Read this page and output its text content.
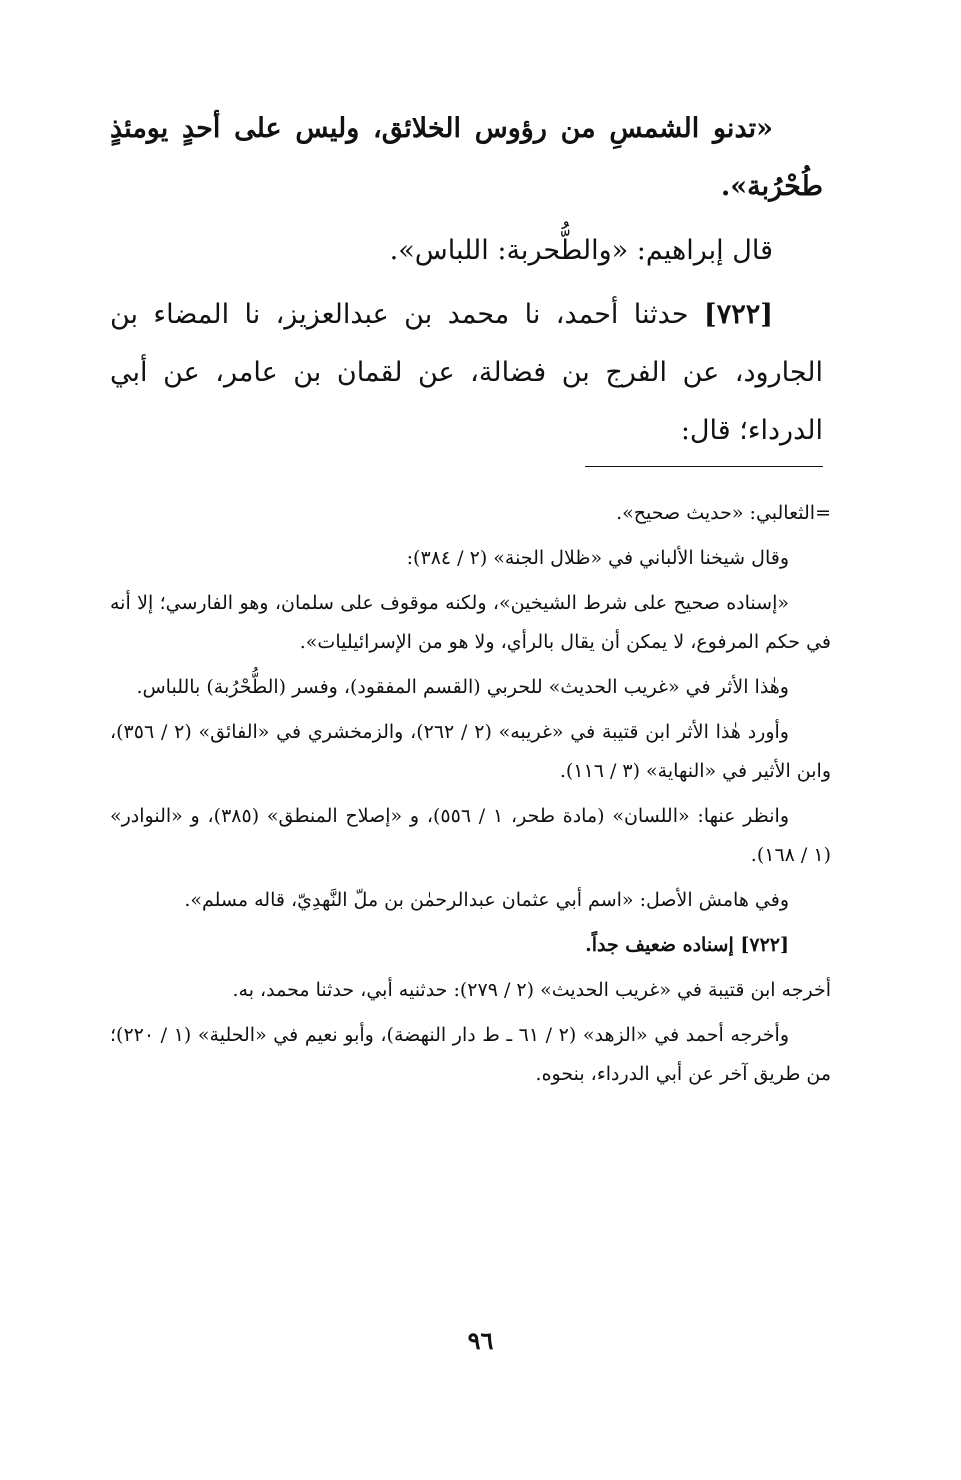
«تدنو الشمسِ من رؤوس الخلائق، وليس على أحدٍ يومئذٍ طُحْرُبة».

قال إبراهيم: «والطُّحربة: اللباس».

[٧٢٢] حدثنا أحمد، نا محمد بن عبدالعزيز، نا المضاء بن الجارود، عن الفرج بن فضالة، عن لقمان بن عامر، عن أبي الدرداء؛ قال:

=الثعالبي: «حديث صحيح».

وقال شيخنا الألباني في «ظلال الجنة» (٢ / ٣٨٤):

«إسناده صحيح على شرط الشيخين»، ولكنه موقوف على سلمان، وهو الفارسي؛ إلا أنه في حكم المرفوع، لا يمكن أن يقال بالرأي، ولا هو من الإسرائيليات».

وهٰذا الأثر في «غريب الحديث» للحربي (القسم المفقود)، وفسر (الطُّحْرُبة) باللباس.

وأورد هٰذا الأثر ابن قتيبة في «غريبه» (٢ / ٢٦٢)، والزمخشري في «الفائق» (٢ / ٣٥٦)، وابن الأثير في «النهاية» (٣ / ١١٦).

وانظر عنها: «اللسان» (مادة طحر، ١ / ٥٥٦)، و «إصلاح المنطق» (٣٨٥)، و «النوادر» (١ / ١٦٨).

وفي هامش الأصل: «اسم أبي عثمان عبدالرحمٰن بن ملّ النَّهدِيّ، قاله مسلم».

[٧٢٢] إسناده ضعيف جداً.

أخرجه ابن قتيبة في «غريب الحديث» (٢ / ٢٧٩): حدثنيه أبي، حدثنا محمد، به.

وأخرجه أحمد في «الزهد» (٢ / ٦١ ـ ط دار النهضة)، وأبو نعيم في «الحلية» (١ / ٢٢٠)؛ من طريق آخر عن أبي الدرداء، بنحوه.

٩٦
